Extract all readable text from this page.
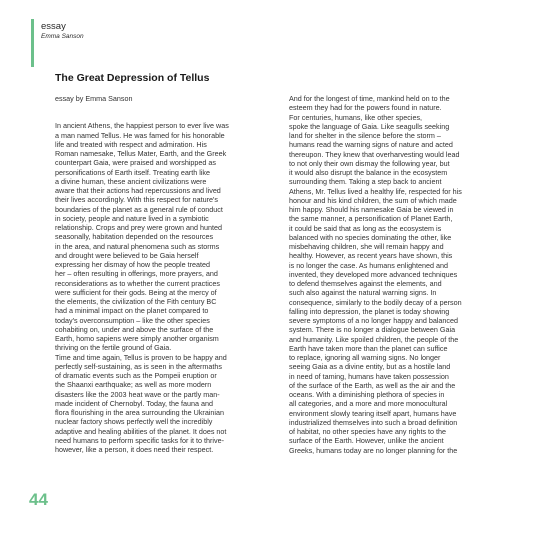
essay
Emma Sanson
The Great Depression of Tellus

essay by Emma Sanson

In ancient Athens, the happiest person to ever live was
a man named Tellus. He was famed for his honorable
life and treated with respect and admiration. His
Roman namesake, Tellus Mater, Earth, and the Greek
counterpart Gaia, were praised and worshipped as
personifications of Earth itself. Treating earth like
a divine human, these ancient civilizations were
aware that their actions had repercussions and lived
their lives accordingly. With this respect for nature's
boundaries of the planet as a general rule of conduct
in society, people and nature lived in a symbiotic
relationship. Crops and prey were grown and hunted
seasonally, habitation depended on the resources
in the area, and natural phenomena such as storms
and drought were believed to be Gaia herself
expressing her dismay of how the people treated
her – often resulting in offerings, more prayers, and
reconsiderations as to whether the current practices
were sufficient for their gods. Being at the mercy of
the elements, the civilization of the Fith century BC
had a minimal impact on the planet compared to
today's overconsumption – like the other species
cohabiting on, under and above the surface of the
Earth, homo sapiens were simply another organism
thriving on the fertile ground of Gaia.

Time and time again, Tellus is proven to be happy and
perfectly self-sustaining, as is seen in the aftermaths
of dramatic events such as the Pompeii eruption or
the Shaanxi earthquake; as well as more modern
disasters like the 2003 heat wave or the partly man-
made incident of Chernobyl. Today, the fauna and
flora flourishing in the area surrounding the Ukrainian
nuclear factory shows perfectly well the incredibly
adaptive and healing abilities of the planet. It does not
need humans to perform specific tasks for it to thrive-
however, like a person, it does need their respect.

And for the longest of time, mankind held on to the
esteem they had for the powers found in nature.

For centuries, humans, like other species,
spoke the language of Gaia. Like seagulls seeking
land for shelter in the silence before the storm –
humans read the warning signs of nature and acted
thereupon. They knew that overharvesting would lead
to not only their own dismay the following year, but
it would also disrupt the balance in the ecosystem
surrounding them. Taking a step back to ancient
Athens, Mr. Tellus lived a healthy life, respected for his
honour and his kind children, the sum of which made
him happy. Should his namesake Gaia be viewed in
the same manner, a personification of Planet Earth,
it could be said that as long as the ecosystem is
balanced with no species dominating the other, like
misbehaving children, she will remain happy and
healthy. However, as recent years have shown, this
is no longer the case. As humans enlightened and
invented, they developed more advanced techniques
to defend themselves against the elements, and
such also against the natural warning signs. In
consequence, similarly to the bodily decay of a person
falling into depression, the planet is today showing
severe symptoms of a no longer happy and balanced
system. There is no longer a dialogue between Gaia
and humanity. Like spoiled children, the people of the
Earth have taken more than the planet can suffice
to replace, ignoring all warning signs. No longer
seeing Gaia as a divine entity, but as a hostile land
in need of taming, humans have taken possession
of the surface of the Earth, as well as the air and the
oceans. With a diminishing plethora of species in
all categories, and a more and more monocultural
environment slowly tearing itself apart, humans have
industrialized themselves into such a broad definition
of habitat, no other species have any rights to the
surface of the Earth. However, unlike the ancient
Greeks, humans today are no longer planning for the

44
